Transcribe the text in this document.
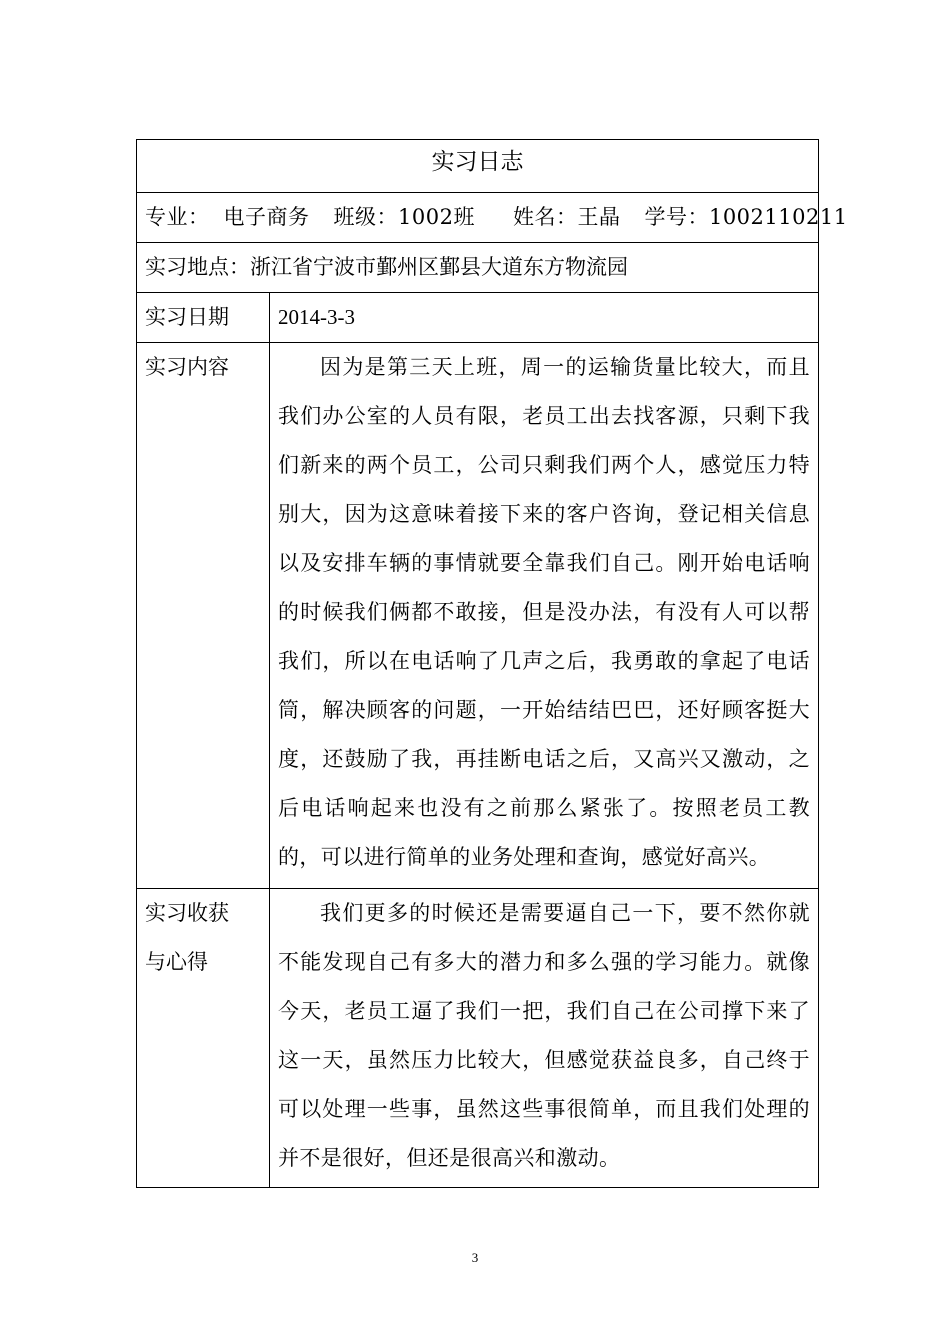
实习日志	
专业： 电子商务 班级：1002班 姓名：王晶 学号：1002110211	
实习地点：浙江省宁波市鄞州区鄞县大道东方物流园	
实习日期	2014-3-3
实习内容	因为是第三天上班，周一的运输货量比较大，而且我们办公室的人员有限，老员工出去找客源，只剩下我们新来的两个员工，公司只剩我们两个人，感觉压力特别大，因为这意味着接下来的客户咨询，登记相关信息以及安排车辆的事情就要全靠我们自己。刚开始电话响的时候我们俩都不敢接，但是没办法，有没有人可以帮我们，所以在电话响了几声之后，我勇敢的拿起了电话筒，解决顾客的问题，一开始结结巴巴，还好顾客挺大度，还鼓励了我，再挂断电话之后，又高兴又激动，之后电话响起来也没有之前那么紧张了。按照老员工教的，可以进行简单的业务处理和查询，感觉好高兴。
实习收获与心得	我们更多的时候还是需要逼自己一下，要不然你就不能发现自己有多大的潜力和多么强的学习能力。就像今天，老员工逼了我们一把，我们自己在公司撑下来了这一天，虽然压力比较大，但感觉获益良多，自己终于可以处理一些事，虽然这些事很简单，而且我们处理的并不是很好，但还是很高兴和激动。
3
